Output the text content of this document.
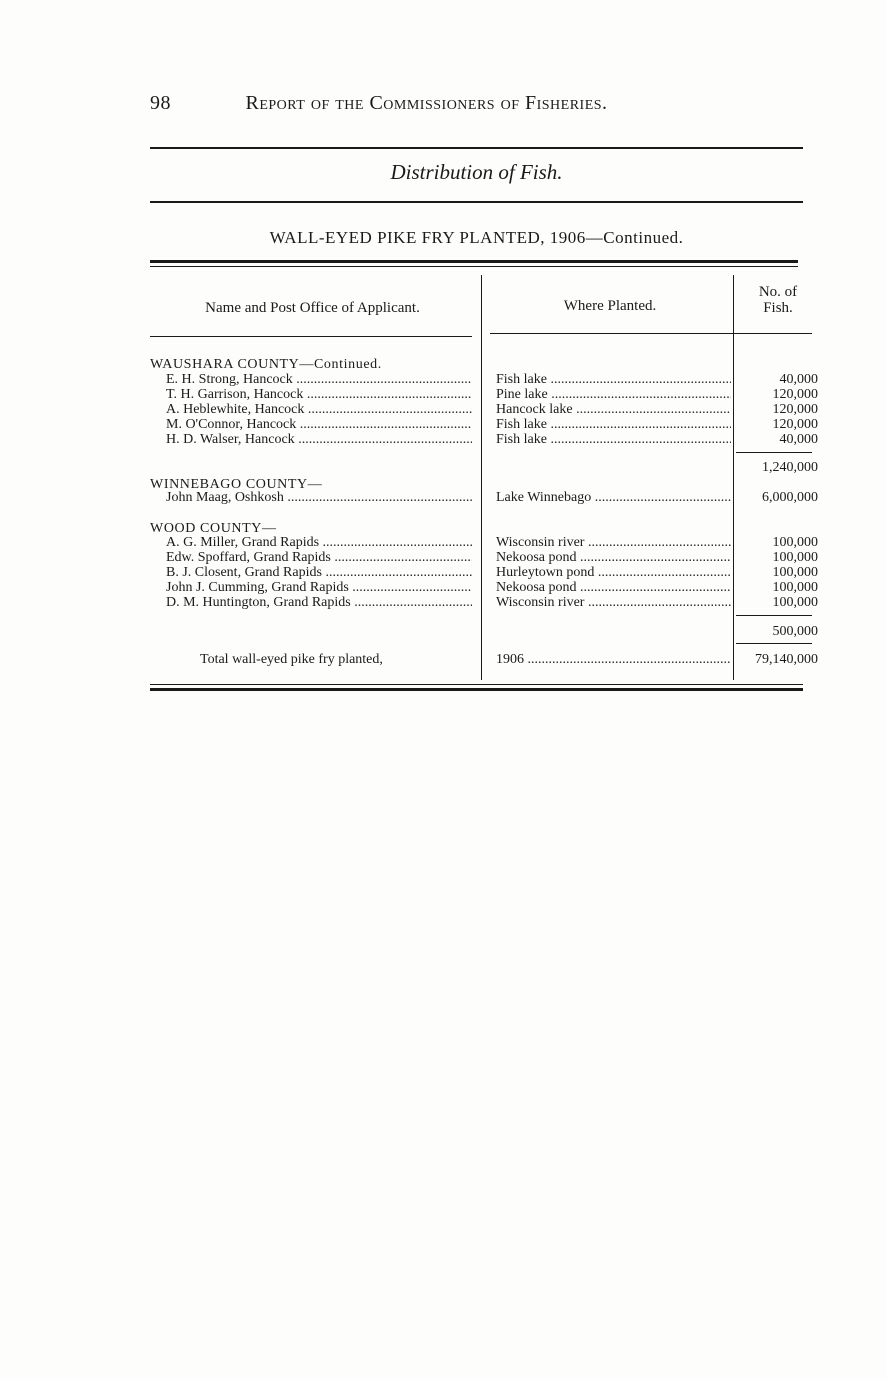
98	Report of the Commissioners of Fisheries.
Distribution of Fish.
WALL-EYED PIKE FRY PLANTED, 1906—Continued.
Name and Post Office of Applicant.	Where Planted.
No. of
Fish.
WAUSHARA COUNTY—Continued.
E. H. Strong, Hancock .....	Fish lake .....	40,000
T. H. Garrison, Hancock .....	Pine lake .....	120,000
A. Heblewhite, Hancock .....	Hancock lake .....	120,000
M. O'Connor, Hancock .....	Fish lake .....	120,000
H. D. Walser, Hancock .....	Fish lake .....	40,000
1,240,000
WINNEBAGO COUNTY—
John Maag, Oshkosh .....	Lake Winnebago .....	6,000,000
WOOD COUNTY—
A. G. Miller, Grand Rapids .....	Wisconsin river .....	100,000
Edw. Spoffard, Grand Rapids .....	Nekoosa pond .....	100,000
B. J. Closent, Grand Rapids .....	Hurleytown pond .....	100,000
John J. Cumming, Grand Rapids .....	Nekoosa pond .....	100,000
D. M. Huntington, Grand Rapids .....	Wisconsin river .....	100,000
500,000
Total wall-eyed pike fry planted,	1906 .....	79,140,000
